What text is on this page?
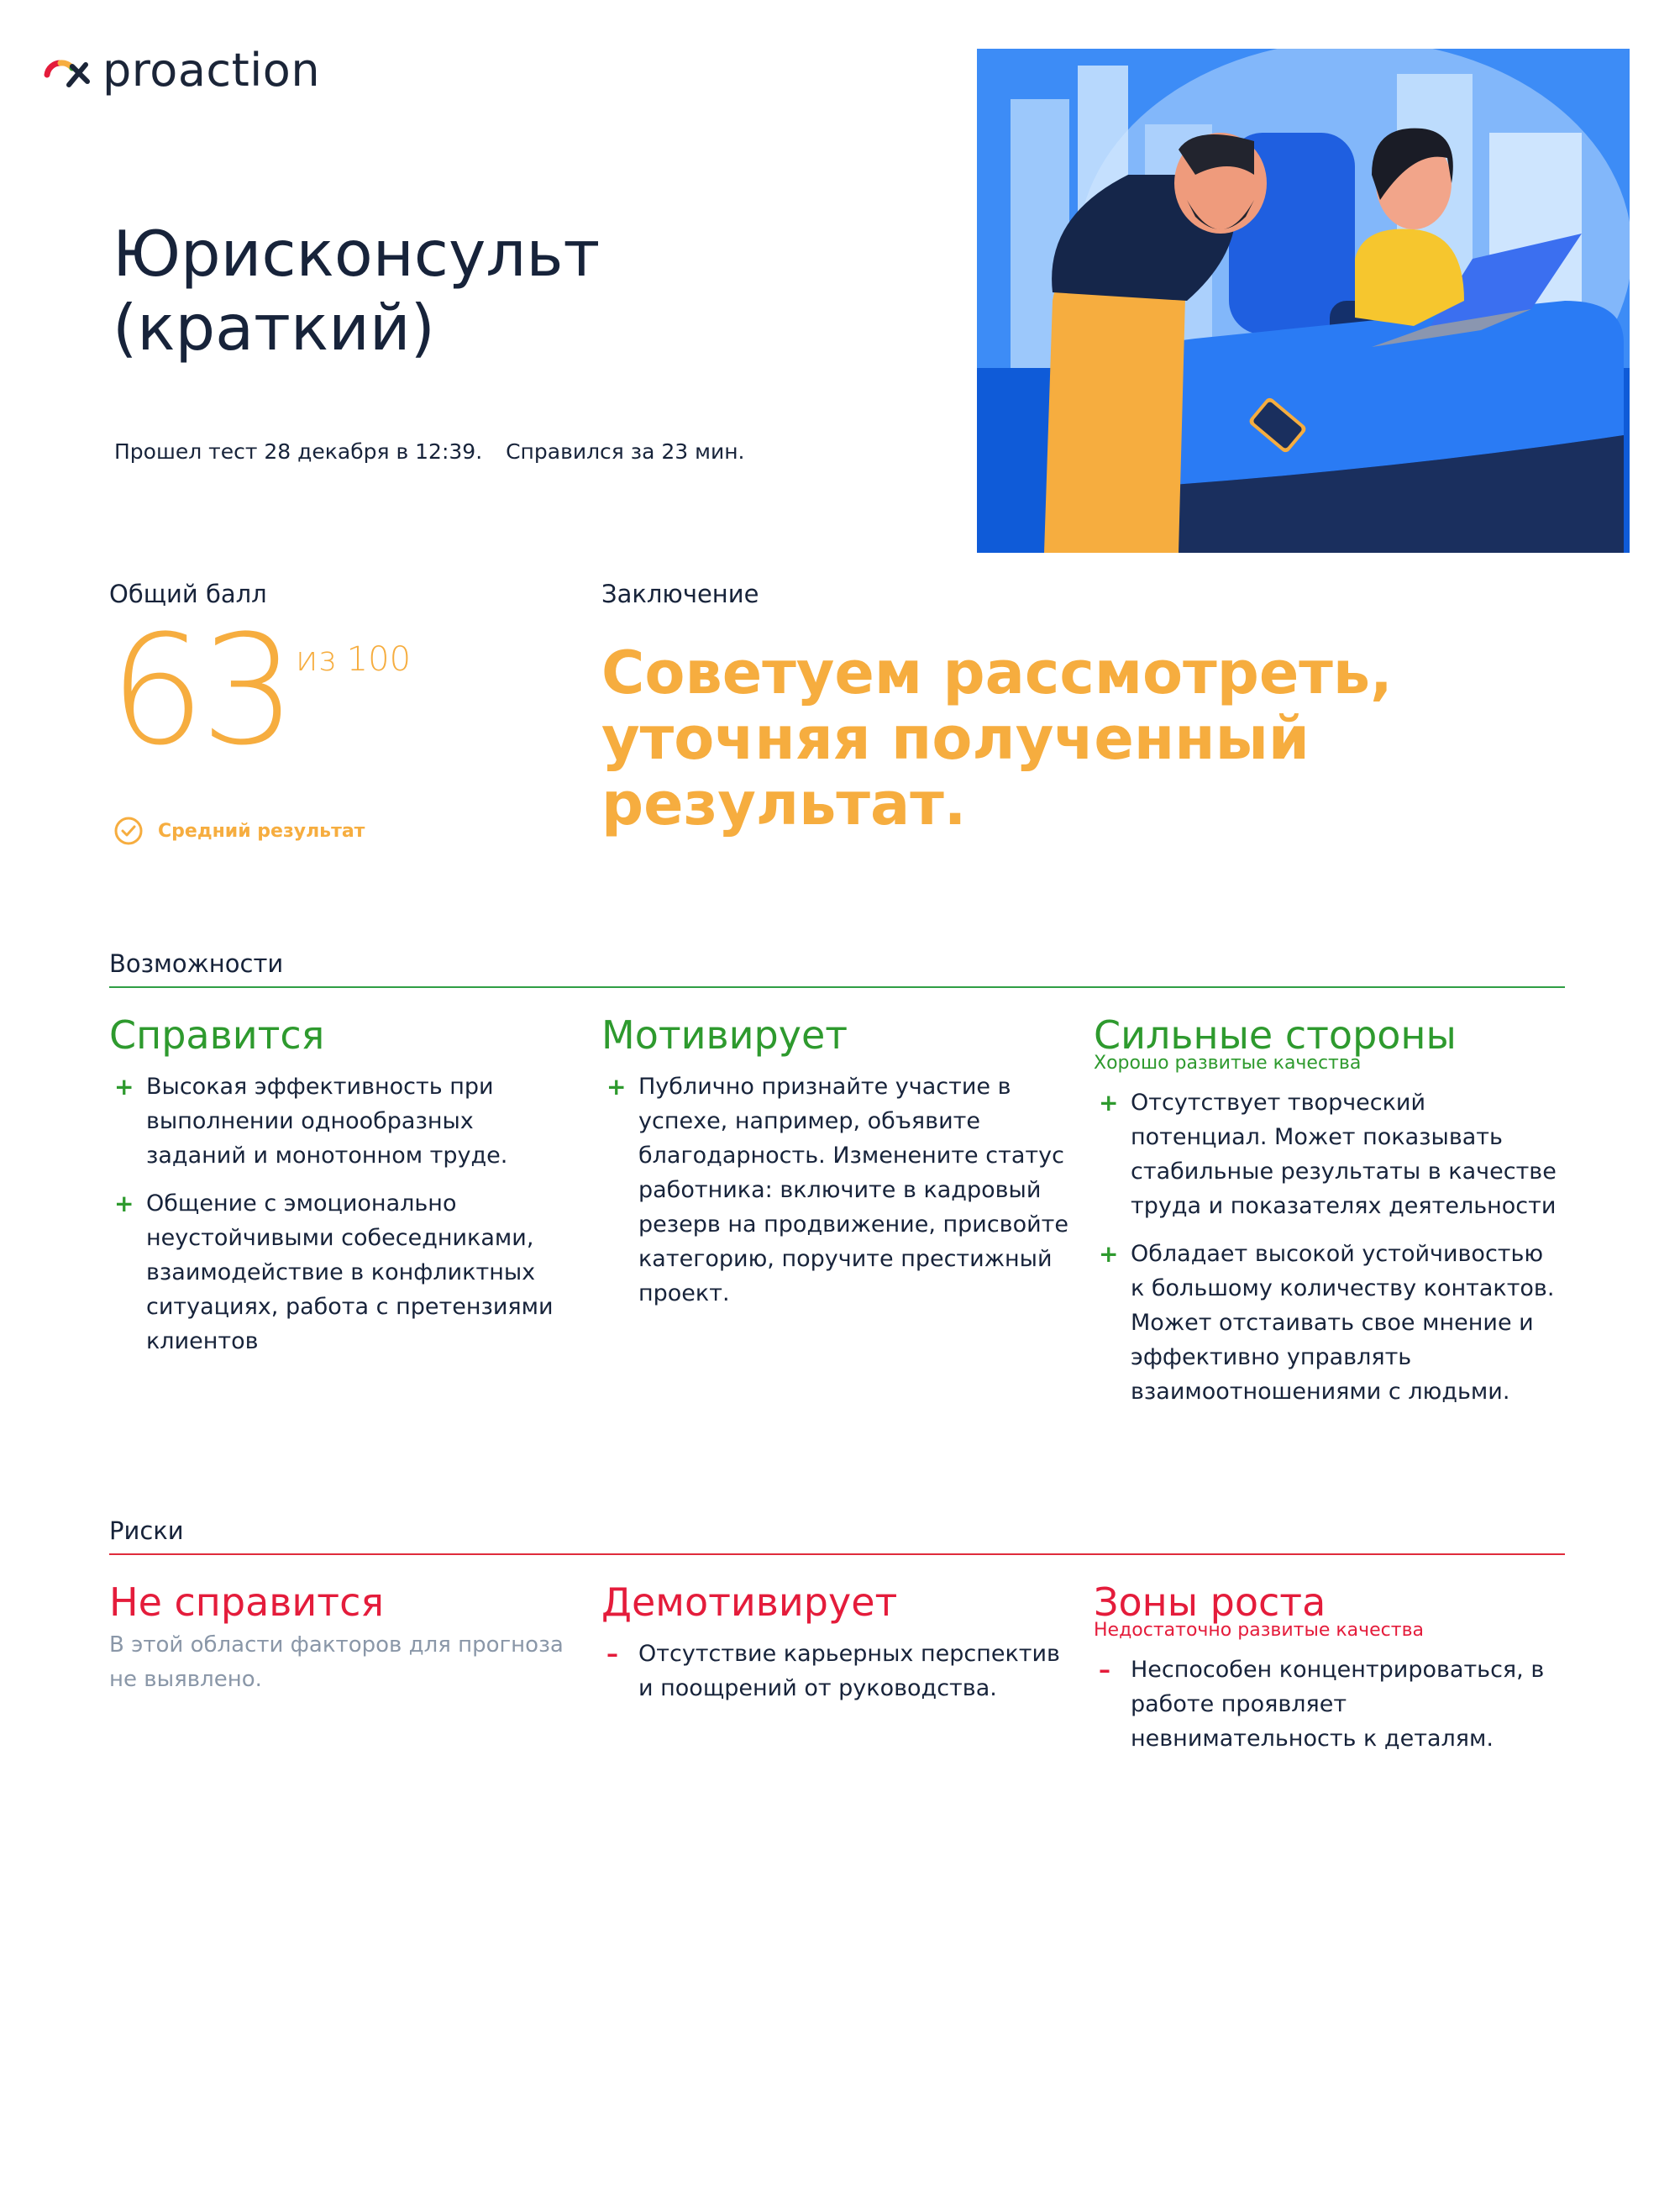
proaction
Юрисконсульт
(краткий)
Прошел тест 28 декабря в 12:39. Справился за 23 мин.
Общий балл
63 из 100
Средний результат
Заключение
Советуем рассмотреть, уточняя полученный результат.
Возможности
Справится
+ Высокая эффективность при выполнении однообразных заданий и монотонном труде.
+ Общение с эмоционально неустойчивыми собеседниками, взаимодействие в конфликтных ситуациях, работа с претензиями клиентов
Мотивирует
+ Публично признайте участие в успехе, например, объявите благодарность. Измененитe статус работника: включите в кадровый резерв на продвижение, присвойте категорию, поручите престижный проект.
Сильные стороны
Хорошо развитые качества
+ Отсутствует творческий потенциал. Может показывать стабильные результаты в качестве труда и показателях деятельности
+ Обладает высокой устойчивостью к большому количеству контактов. Может отстаивать свое мнение и эффективно управлять взаимоотношениями с людьми.
Риски
Не справится
В этой области факторов для прогноза не выявлено.
Демотивирует
– Отсутствие карьерных перспектив и поощрений от руководства.
Зоны роста
Недостаточно развитые качества
– Неспособен концентрироваться, в работе проявляет невнимательность к деталям.
